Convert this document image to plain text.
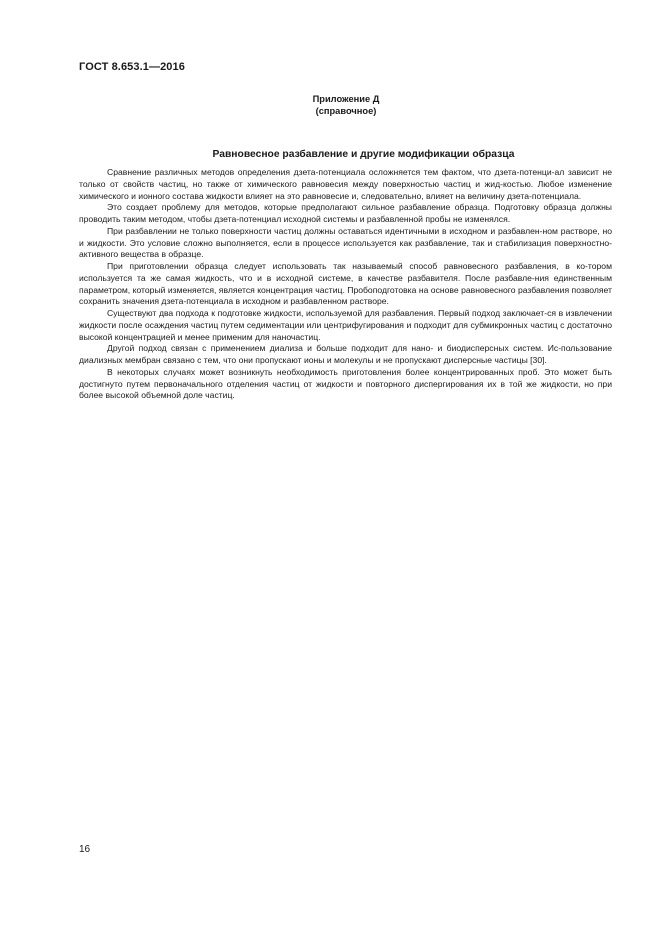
ГОСТ 8.653.1—2016
Приложение Д
(справочное)
Равновесное разбавление и другие модификации образца

Сравнение различных методов определения дзета-потенциала осложняется тем фактом, что дзета-потенци-ал зависит не только от свойств частиц, но также от химического равновесия между поверхностью частиц и жид-костью. Любое изменение химического и ионного состава жидкости влияет на это равновесие и, следовательно, влияет на величину дзета-потенциала.

Это создает проблему для методов, которые предполагают сильное разбавление образца. Подготовку образца должны проводить таким методом, чтобы дзета-потенциал исходной системы и разбавленной пробы не изменялся.

При разбавлении не только поверхности частиц должны оставаться идентичными в исходном и разбавлен-ном растворе, но и жидкости. Это условие сложно выполняется, если в процессе используется как разбавление, так и стабилизация поверхностно-активного вещества в образце.

При приготовлении образца следует использовать так называемый способ равновесного разбавления, в ко-тором используется та же самая жидкость, что и в исходной системе, в качестве разбавителя. После разбавле-ния единственным параметром, который изменяется, является концентрация частиц. Пробоподготовка на основе равновесного разбавления позволяет сохранить значения дзета-потенциала в исходном и разбавленном растворе.

Существуют два подхода к подготовке жидкости, используемой для разбавления. Первый подход заключает-ся в извлечении жидкости после осаждения частиц путем седиментации или центрифугирования и подходит для субмикронных частиц с достаточно высокой концентрацией и менее применим для наночастиц.

Другой подход связан с применением диализа и больше подходит для нано- и биодисперсных систем. Ис-пользование диализных мембран связано с тем, что они пропускают ионы и молекулы и не пропускают дисперсные частицы [30].

В некоторых случаях может возникнуть необходимость приготовления более концентрированных проб. Это может быть достигнуто путем первоначального отделения частиц от жидкости и повторного диспергирования их в той же жидкости, но при более высокой объемной доле частиц.

16
